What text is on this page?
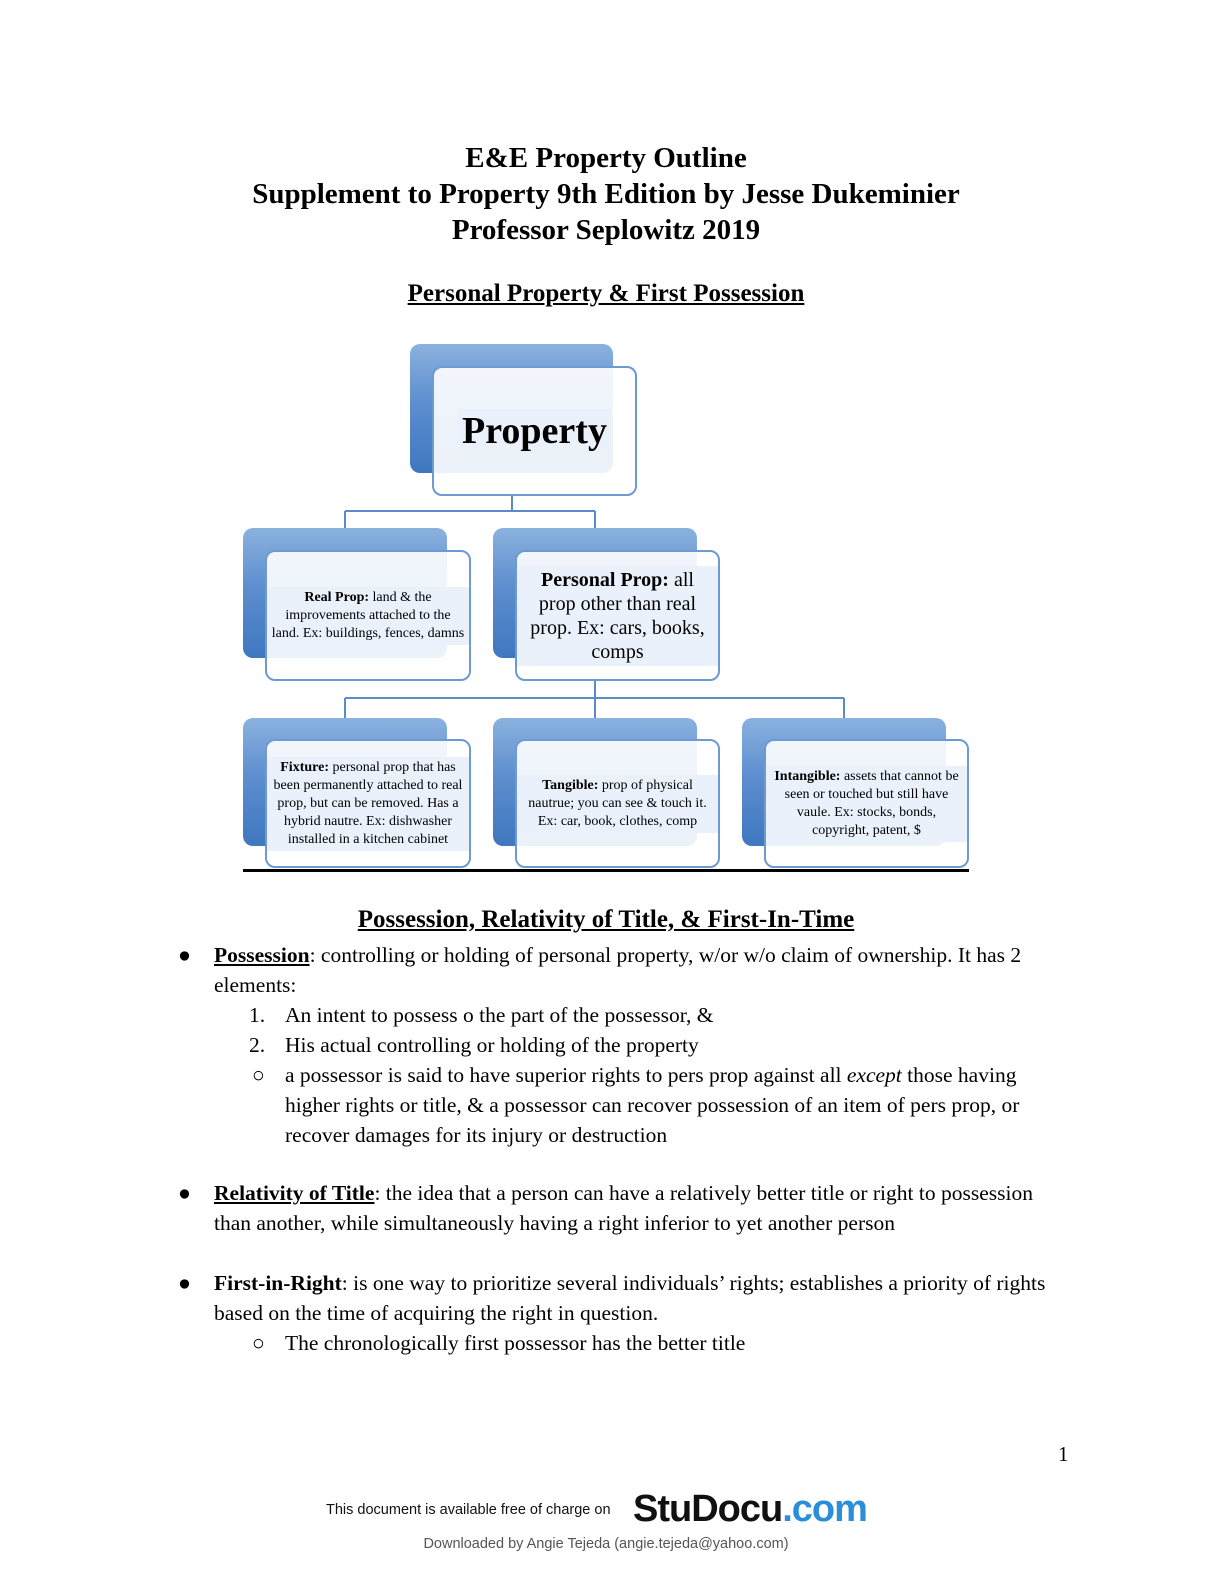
E&E Property Outline
Supplement to Property 9th Edition by Jesse Dukeminier
Professor Seplowitz 2019
Personal Property & First Possession
Property
Real Prop: land & the improvements attached to the land. Ex: buildings, fences, damns
Personal Prop: all prop other than real prop. Ex: cars, books, comps
Fixture: personal prop that has been permanently attached to real prop, but can be removed. Has a hybrid nautre. Ex: dishwasher installed in a kitchen cabinet
Tangible: prop of physical nautrue; you can see & touch it. Ex: car, book, clothes, comp
Intangible: assets that cannot be seen or touched but still have vaule. Ex: stocks, bonds, copyright, patent, $
Possession, Relativity of Title, & First-In-Time
● Possession: controlling or holding of personal property, w/or w/o claim of ownership. It has 2 elements:
1. An intent to possess o the part of the possessor, &
2. His actual controlling or holding of the property
○ a possessor is said to have superior rights to pers prop against all except those having higher rights or title, & a possessor can recover possession of an item of pers prop, or recover damages for its injury or destruction
● Relativity of Title: the idea that a person can have a relatively better title or right to possession than another, while simultaneously having a right inferior to yet another person
● First-in-Right: is one way to prioritize several individuals’ rights; establishes a priority of rights based on the time of acquiring the right in question.
○ The chronologically first possessor has the better title
1
This document is available free of charge on StuDocu.com
Downloaded by Angie Tejeda (angie.tejeda@yahoo.com)
